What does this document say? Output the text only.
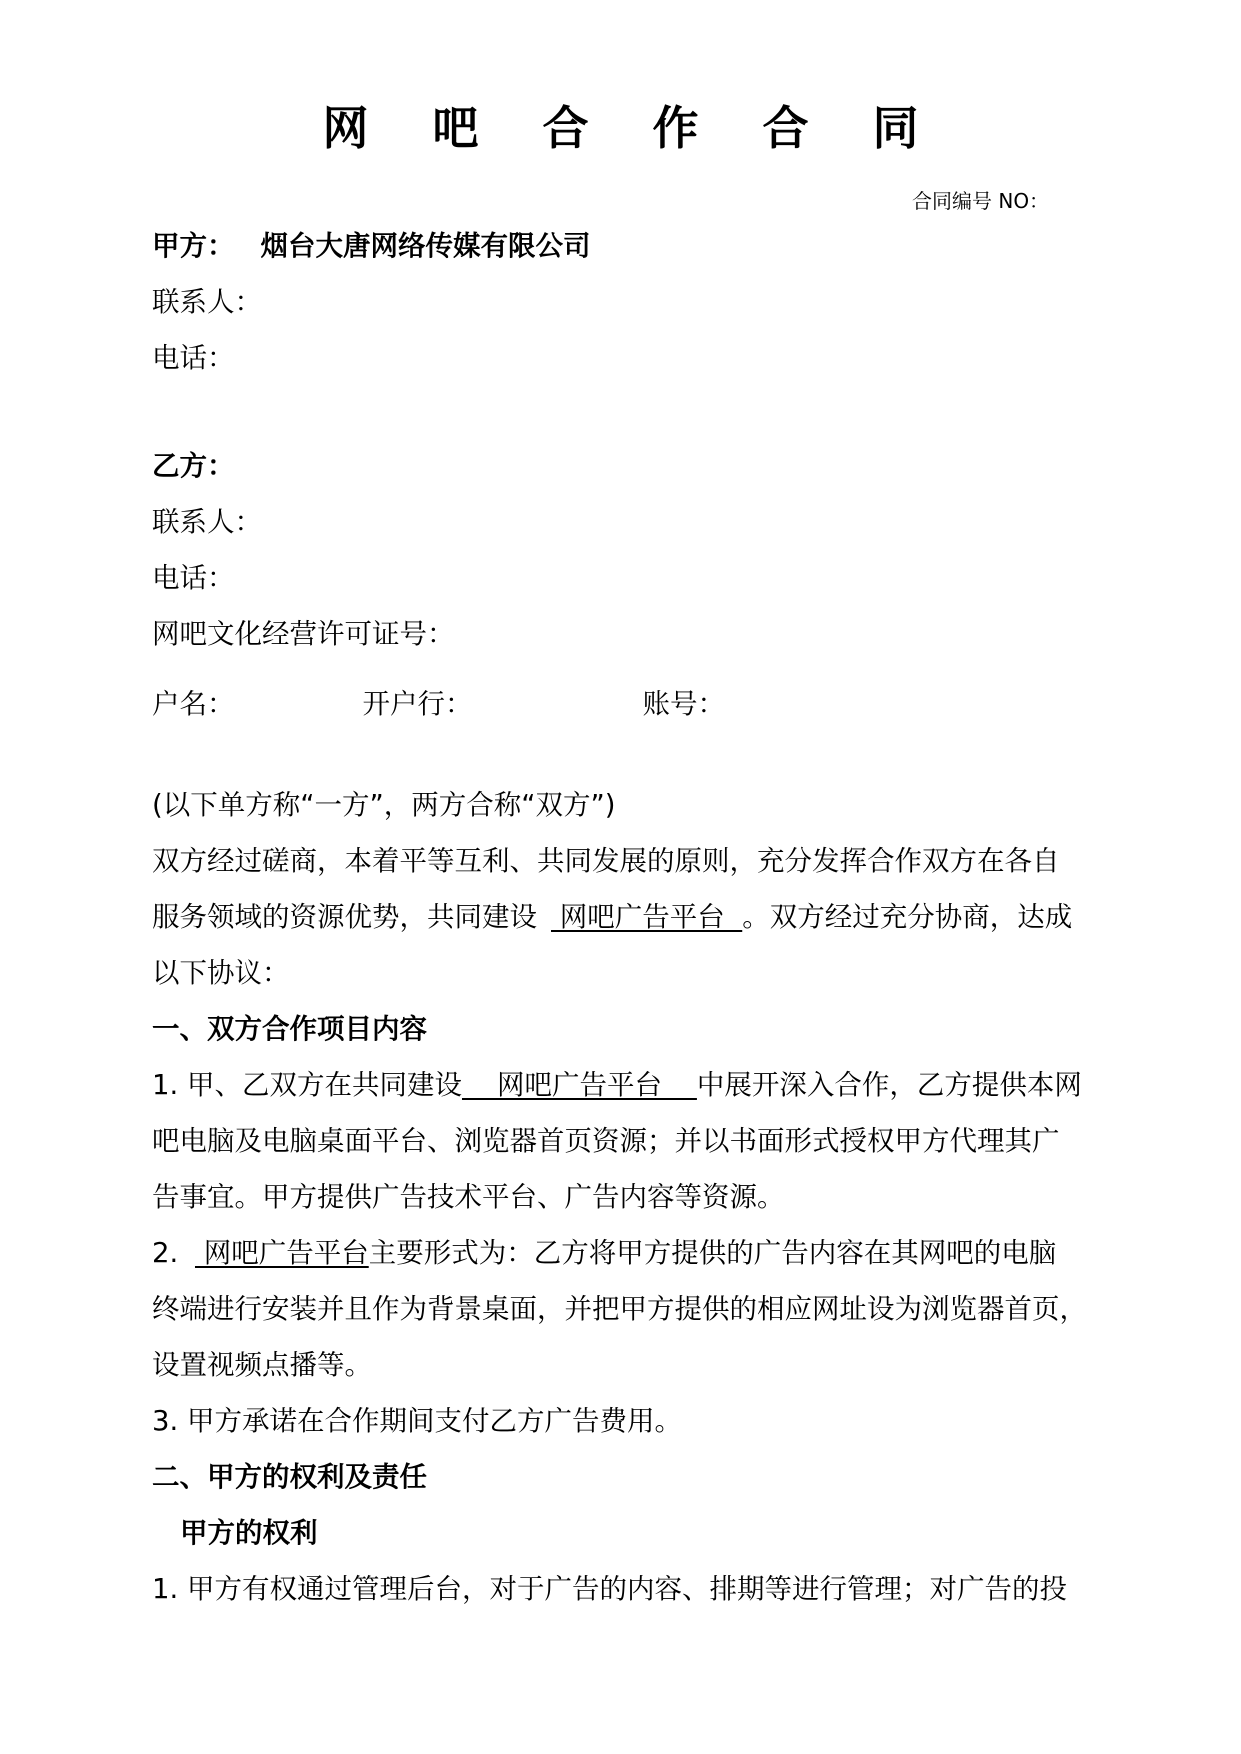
网 吧 合 作 合 同
合同编号 NO：
甲方： 烟台大唐网络传媒有限公司
联系人：
电话：
乙方：
联系人：
电话：
网吧文化经营许可证号：
户名：	开户行：	账号：
(以下单方称“一方”，两方合称“双方”)
双方经过磋商，本着平等互利、共同发展的原则，充分发挥合作双方在各自
服务领域的资源优势，共同建设 网吧广告平台  。双方经过充分协商，达成
以下协议：
一、双方合作项目内容
1. 甲、乙双方在共同建设    网吧广告平台    中展开深入合作，乙方提供本网
吧电脑及电脑桌面平台、浏览器首页资源；并以书面形式授权甲方代理其广
告事宜。甲方提供广告技术平台、广告内容等资源。
2.  网吧广告平台主要形式为：乙方将甲方提供的广告内容在其网吧的电脑
终端进行安装并且作为背景桌面，并把甲方提供的相应网址设为浏览器首页，
设置视频点播等。
3. 甲方承诺在合作期间支付乙方广告费用。
二、甲方的权利及责任
甲方的权利
1. 甲方有权通过管理后台，对于广告的内容、排期等进行管理；对广告的投
